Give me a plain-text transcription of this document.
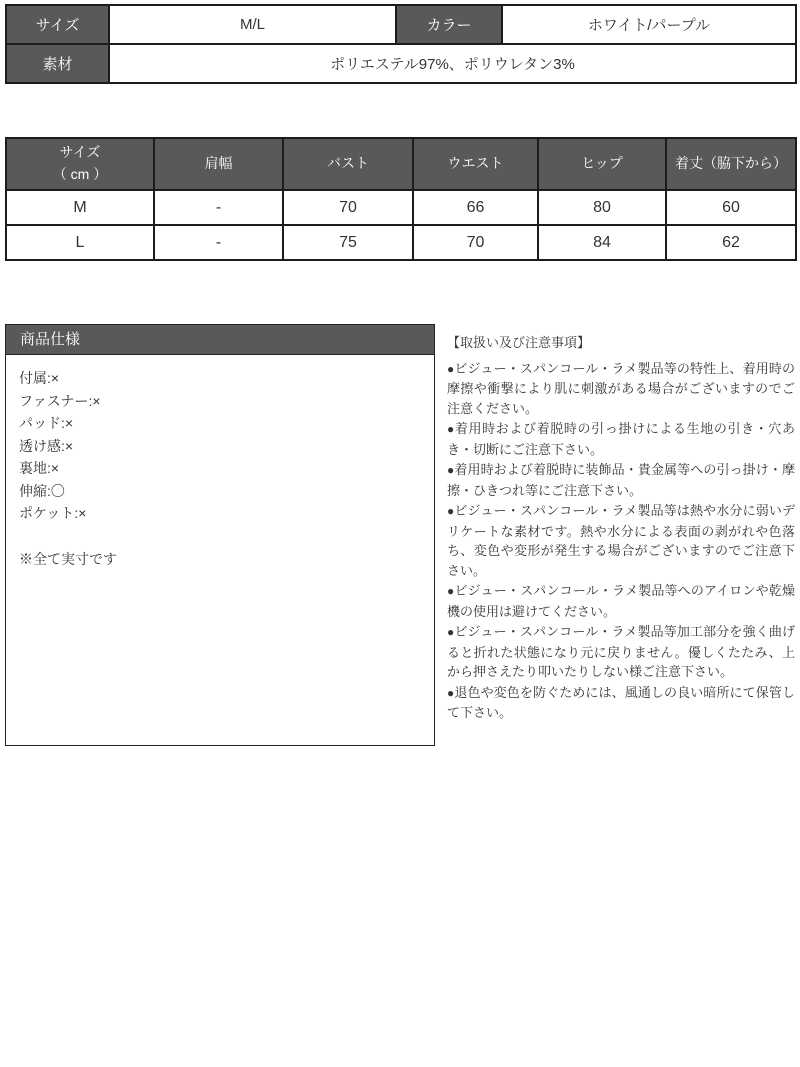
サイズ	M/L	カラー	ホワイト/パープル
素材	ポリエステル97%、ポリウレタン3%		
サイズ
（ cm ）	肩幅	バスト	ウエスト	ヒップ	着丈（脇下から）
M	-	70	66	80	60
L	-	75	70	84	62
商品仕様
付属:×
ファスナー:×
パッド:×
透け感:×
裏地:×
伸縮:〇
ポケット:×
※全て実寸です
【取扱い及び注意事項】

●ビジュー・スパンコール・ラメ製品等の特性上、着用時の摩擦や衝撃により肌に刺激がある場合がございますのでご注意ください。

●着用時および着脱時の引っ掛けによる生地の引き・穴あき・切断にご注意下さい。

●着用時および着脱時に装飾品・貴金属等への引っ掛け・摩擦・ひきつれ等にご注意下さい。

●ビジュー・スパンコール・ラメ製品等は熱や水分に弱いデリケートな素材です。熱や水分による表面の剥がれや色落ち、変色や変形が発生する場合がございますのでご注意下さい。

●ビジュー・スパンコール・ラメ製品等へのアイロンや乾燥機の使用は避けてください。

●ビジュー・スパンコール・ラメ製品等加工部分を強く曲げると折れた状態になり元に戻りません。優しくたたみ、上から押さえたり叩いたりしない様ご注意下さい。

●退色や変色を防ぐためには、風通しの良い暗所にて保管して下さい。
